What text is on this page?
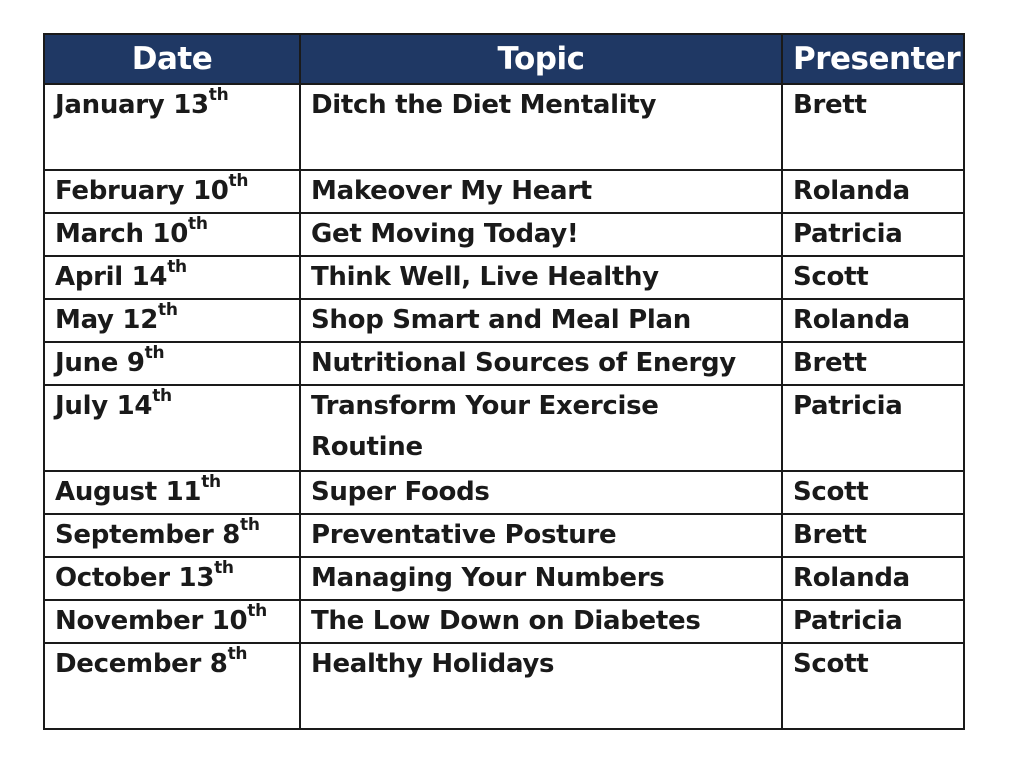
Date	Topic	Presenter
January 13th	Ditch the Diet Mentality	Brett
February 10th	Makeover My Heart	Rolanda
March 10th	Get Moving Today!	Patricia
April 14th	Think Well, Live Healthy	Scott
May 12th	Shop Smart and Meal Plan	Rolanda
June 9th	Nutritional Sources of Energy	Brett
July 14th	Transform Your Exercise Routine	Patricia
August 11th	Super Foods	Scott
September 8th	Preventative Posture	Brett
October 13th	Managing Your Numbers	Rolanda
November 10th	The Low Down on Diabetes	Patricia
December 8th	Healthy Holidays	Scott
